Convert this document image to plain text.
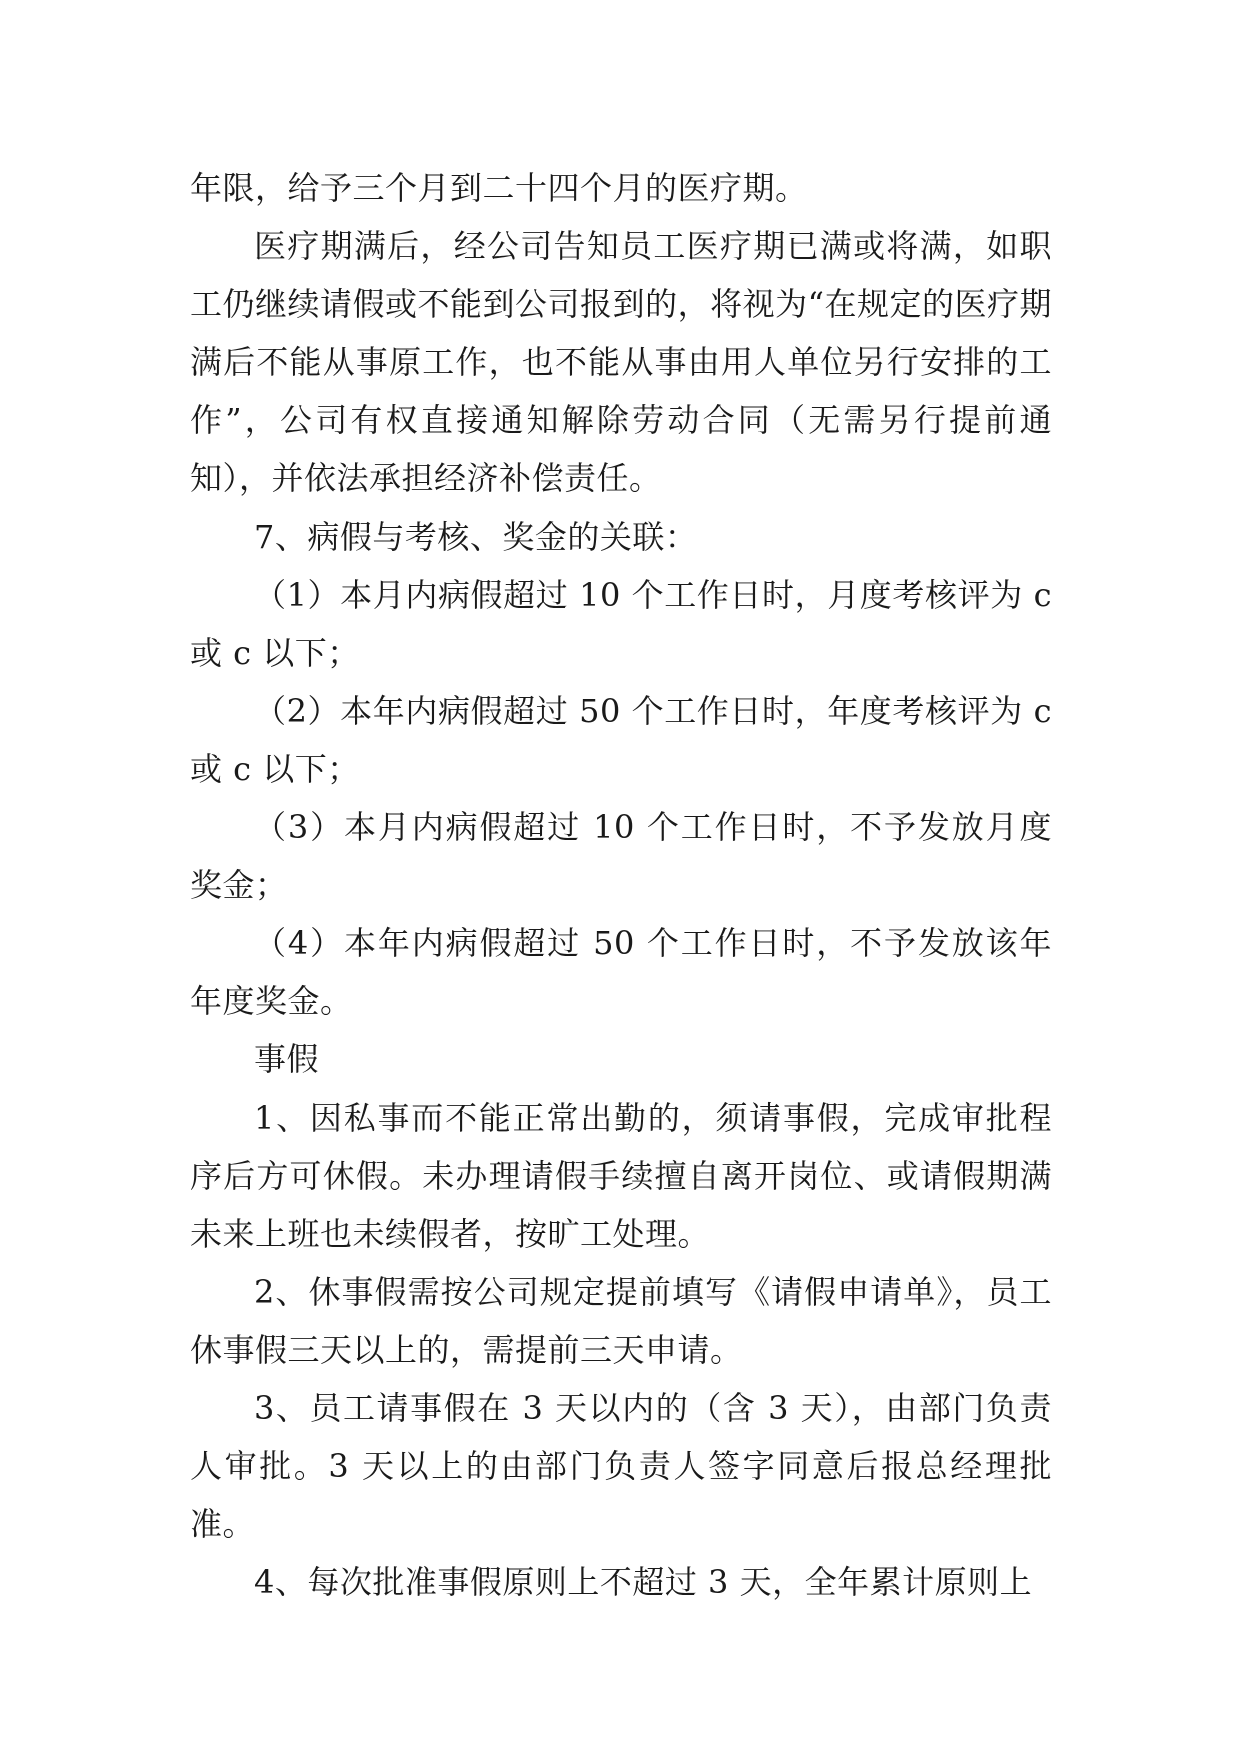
年限，给予三个月到二十四个月的医疗期。

医疗期满后，经公司告知员工医疗期已满或将满，如职工仍继续请假或不能到公司报到的，将视为“在规定的医疗期满后不能从事原工作，也不能从事由用人单位另行安排的工作”，公司有权直接通知解除劳动合同（无需另行提前通知），并依法承担经济补偿责任。

7、病假与考核、奖金的关联：

（1）本月内病假超过 10 个工作日时，月度考核评为 c 或 c 以下；

（2）本年内病假超过 50 个工作日时，年度考核评为 c 或 c 以下；

（3）本月内病假超过 10 个工作日时，不予发放月度奖金；

（4）本年内病假超过 50 个工作日时，不予发放该年年度奖金。

事假

1、因私事而不能正常出勤的，须请事假，完成审批程序后方可休假。未办理请假手续擅自离开岗位、或请假期满未来上班也未续假者，按旷工处理。

2、休事假需按公司规定提前填写《请假申请单》，员工休事假三天以上的，需提前三天申请。

3、员工请事假在 3 天以内的（含 3 天），由部门负责人审批。3 天以上的由部门负责人签字同意后报总经理批准。

4、每次批准事假原则上不超过 3 天，全年累计原则上
